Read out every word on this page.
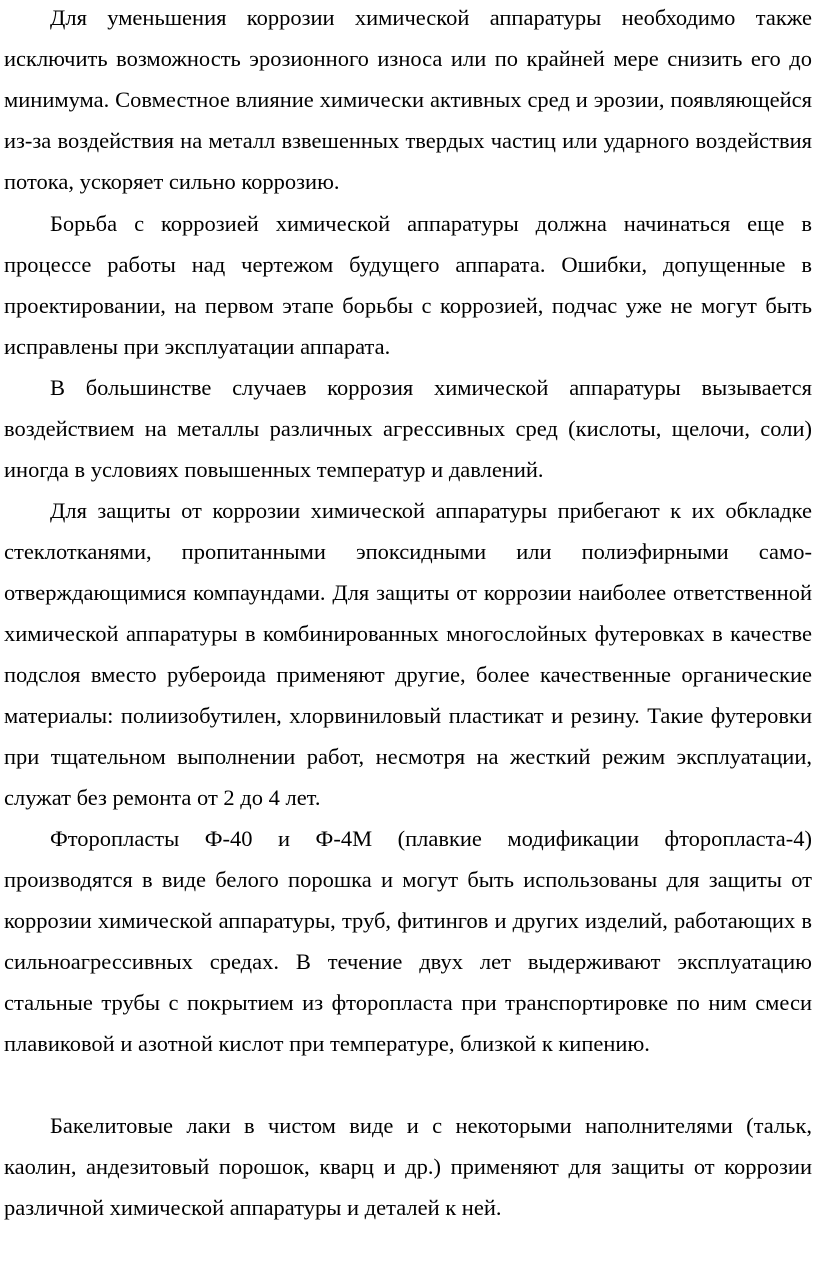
Для уменьшения коррозии химической аппаратуры необходимо также исключить возможность эрозионного износа или по крайней мере снизить его до минимума. Совместное влияние химически активных сред и эрозии, появляющейся из-за воздействия на металл взвешенных твердых частиц или ударного воздействия потока, ускоряет сильно коррозию.

Борьба с коррозией химической аппаратуры должна начинаться еще в процессе работы над чертежом будущего аппарата. Ошибки, допущенные в проектировании, на первом этапе борьбы с коррозией, подчас уже не могут быть исправлены при эксплуатации аппарата.

В большинстве случаев коррозия химической аппаратуры вызывается воздействием на металлы различных агрессивных сред (кислоты, щелочи, соли) иногда в условиях повышенных температур и давлений.

Для защиты от коррозии химической аппаратуры прибегают к их обкладке стеклотканями, пропитанными эпоксидными или полиэфирными само-отверждающимися компаундами. Для защиты от коррозии наиболее ответственной химической аппаратуры в комбинированных многослойных футеровках в качестве подслоя вместо рубероида применяют другие, более качественные органические материалы: полиизобутилен, хлорвиниловый пластикат и резину. Такие футеровки при тщательном выполнении работ, несмотря на жесткий режим эксплуатации, служат без ремонта от 2 до 4 лет.

Фторопласты Ф-40 и Ф-4М (плавкие модификации фторопласта-4) производятся в виде белого порошка и могут быть использованы для защиты от коррозии химической аппаратуры, труб, фитингов и других изделий, работающих в сильноагрессивных средах. В течение двух лет выдерживают эксплуатацию стальные трубы с покрытием из фторопласта при транспортировке по ним смеси плавиковой и азотной кислот при температуре, близкой к кипению.

Бакелитовые лаки в чистом виде и с некоторыми наполнителями (тальк, каолин, андезитовый порошок, кварц и др.) применяют для защиты от коррозии различной химической аппаратуры и деталей к ней.
